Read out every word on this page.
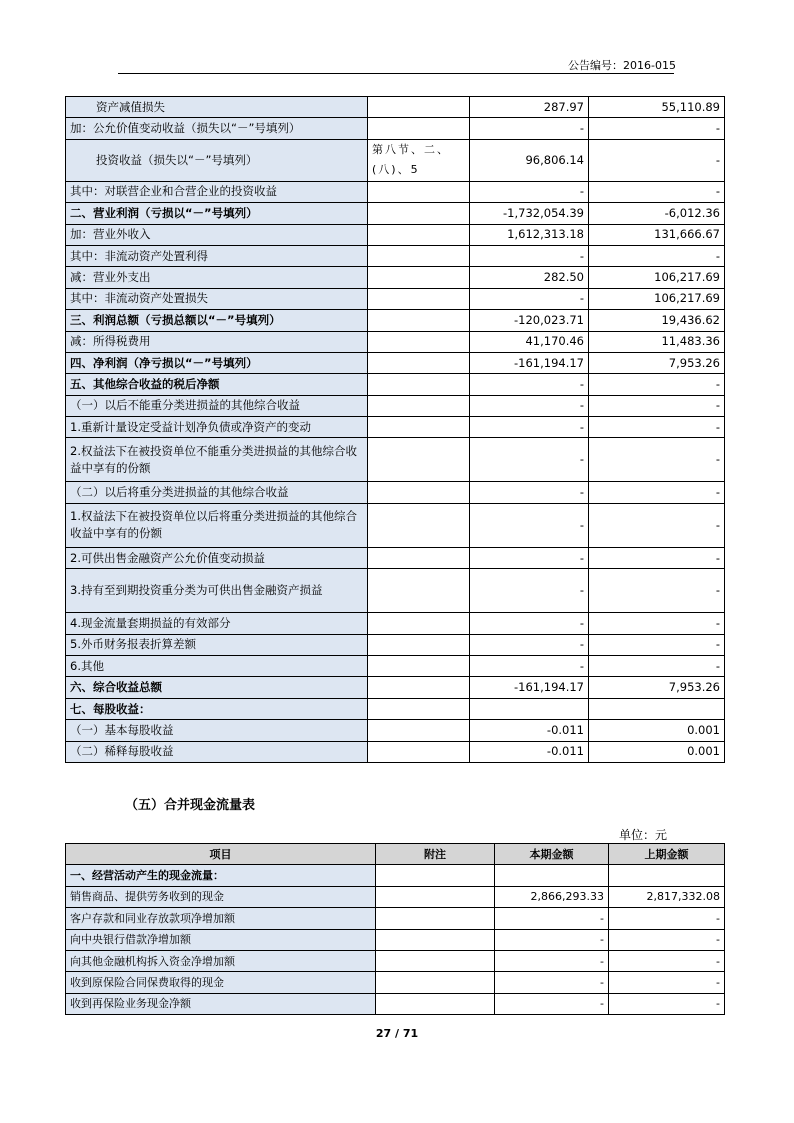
公告编号：2016-015
资产减值损失		287.97	55,110.89
加：公允价值变动收益（损失以“－”号填列）		-	-
投资收益（损失以“－”号填列）	第八节、二、(八)、5	96,806.14	-
其中：对联营企业和合营企业的投资收益		-	-
二、营业利润（亏损以“－”号填列）		-1,732,054.39	-6,012.36
加：营业外收入		1,612,313.18	131,666.67
其中：非流动资产处置利得		-	-
减：营业外支出		282.50	106,217.69
其中：非流动资产处置损失		-	106,217.69
三、利润总额（亏损总额以“－”号填列）		-120,023.71	19,436.62
减：所得税费用		41,170.46	11,483.36
四、净利润（净亏损以“－”号填列）		-161,194.17	7,953.26
五、其他综合收益的税后净额		-	-
（一）以后不能重分类进损益的其他综合收益		-	-
1.重新计量设定受益计划净负债或净资产的变动		-	-
2.权益法下在被投资单位不能重分类进损益的其他综合收益中享有的份额		-	-
（二）以后将重分类进损益的其他综合收益		-	-
1.权益法下在被投资单位以后将重分类进损益的其他综合收益中享有的份额		-	-
2.可供出售金融资产公允价值变动损益		-	-
3.持有至到期投资重分类为可供出售金融资产损益		-	-
4.现金流量套期损益的有效部分		-	-
5.外币财务报表折算差额		-	-
6.其他		-	-
六、综合收益总额		-161,194.17	7,953.26
七、每股收益：			
（一）基本每股收益		-0.011	0.001
（二）稀释每股收益		-0.011	0.001
（五）合并现金流量表
单位：元
项目	附注	本期金额	上期金额
一、经营活动产生的现金流量：			
销售商品、提供劳务收到的现金		2,866,293.33	2,817,332.08
客户存款和同业存放款项净增加额		-	-
向中央银行借款净增加额		-	-
向其他金融机构拆入资金净增加额		-	-
收到原保险合同保费取得的现金		-	-
收到再保险业务现金净额		-	-
27 / 71
